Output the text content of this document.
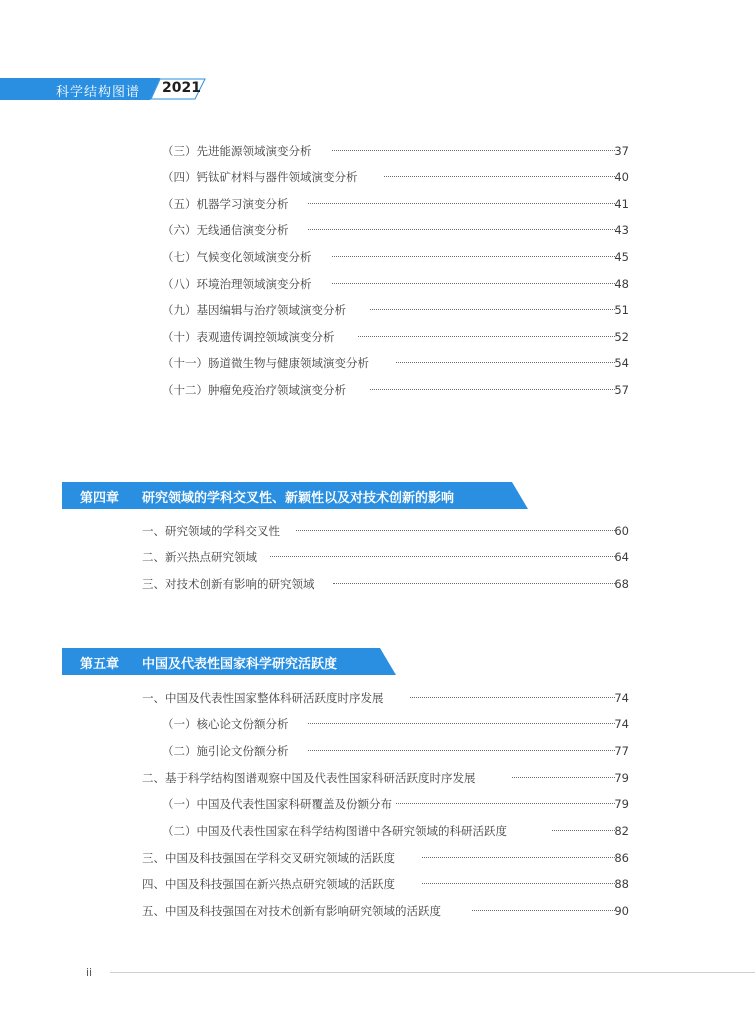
科学结构图谱 2021
（三）先进能源领域演变分析	37
（四）钙钛矿材料与器件领域演变分析	40
（五）机器学习演变分析	41
（六）无线通信演变分析	43
（七）气候变化领域演变分析	45
（八）环境治理领域演变分析	48
（九）基因编辑与治疗领域演变分析	51
（十）表观遗传调控领域演变分析	52
（十一）肠道微生物与健康领域演变分析	54
（十二）肿瘤免疫治疗领域演变分析	57
第四章 研究领域的学科交叉性、新颖性以及对技术创新的影响
一、研究领域的学科交叉性	60
二、新兴热点研究领域	64
三、对技术创新有影响的研究领域	68
第五章 中国及代表性国家科学研究活跃度
一、中国及代表性国家整体科研活跃度时序发展	74
（一）核心论文份额分析	74
（二）施引论文份额分析	77
二、基于科学结构图谱观察中国及代表性国家科研活跃度时序发展	79
（一）中国及代表性国家科研覆盖及份额分布	79
（二）中国及代表性国家在科学结构图谱中各研究领域的科研活跃度	82
三、中国及科技强国在学科交叉研究领域的活跃度	86
四、中国及科技强国在新兴热点研究领域的活跃度	88
五、中国及科技强国在对技术创新有影响研究领域的活跃度	90
ii
